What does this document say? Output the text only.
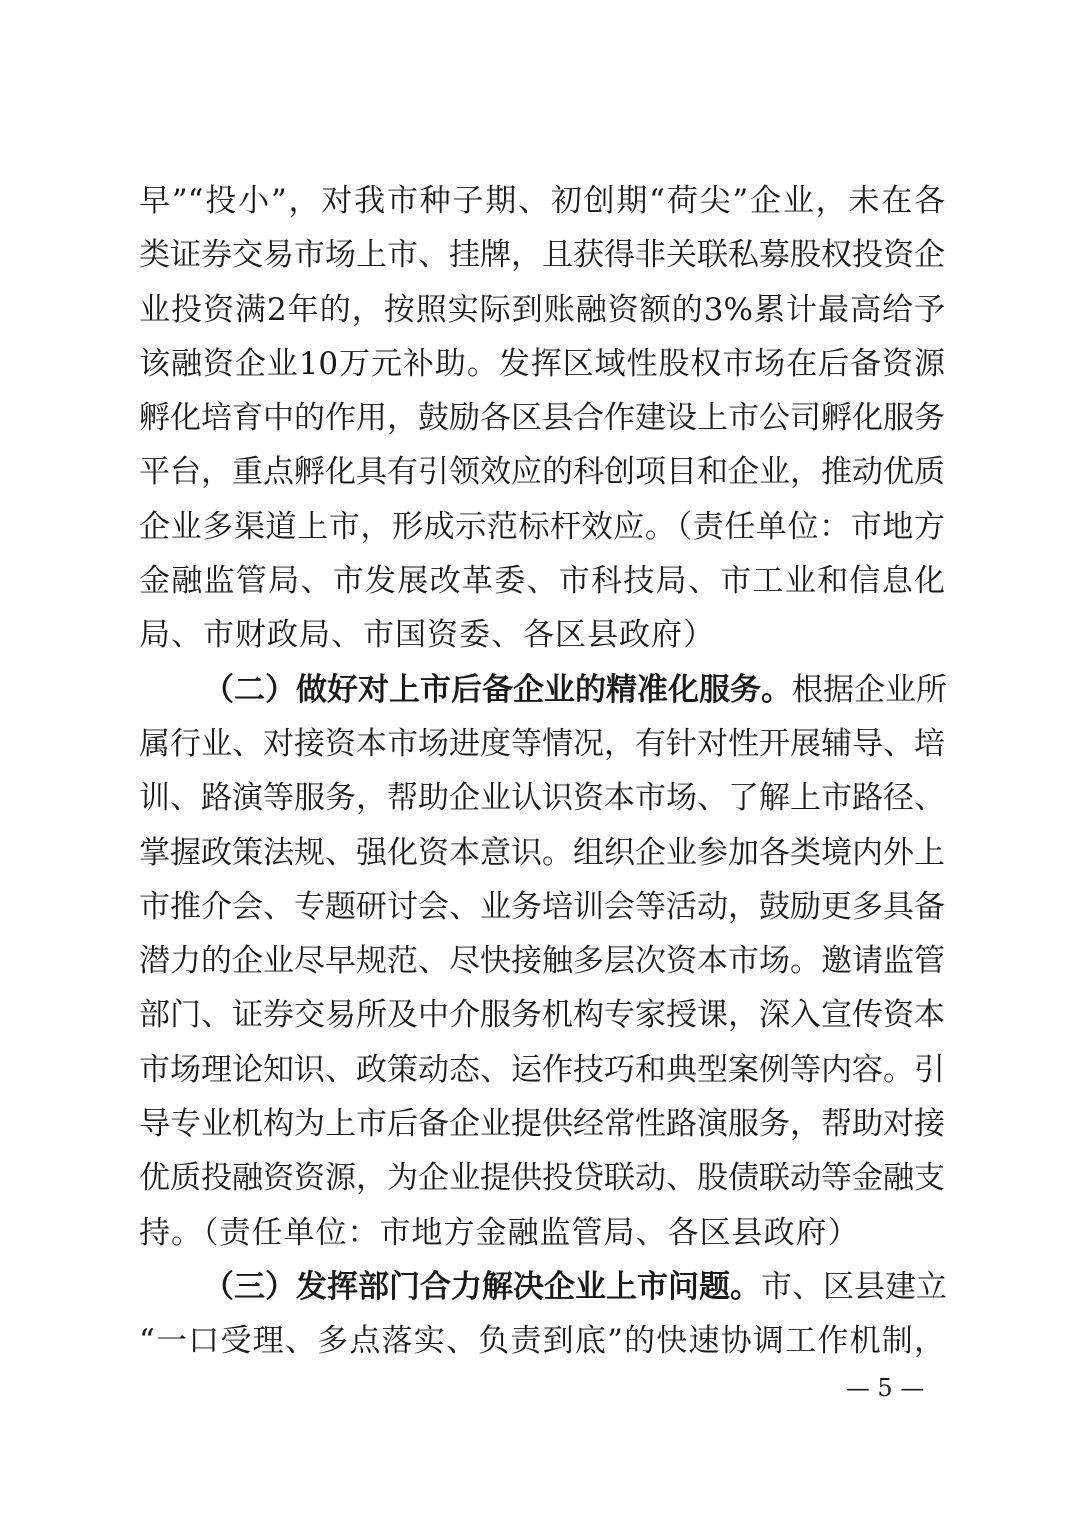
早”“投小”，对我市种子期、初创期“荷尖”企业，未在各
类证券交易市场上市、挂牌，且获得非关联私募股权投资企
业投资满2年的，按照实际到账融资额的3%累计最高给予
该融资企业10万元补助。发挥区域性股权市场在后备资源
孵化培育中的作用，鼓励各区县合作建设上市公司孵化服务
平台，重点孵化具有引领效应的科创项目和企业，推动优质
企业多渠道上市，形成示范标杆效应。（责任单位：市地方
金融监管局、市发展改革委、市科技局、市工业和信息化
局、市财政局、市国资委、各区县政府）
（二）做好对上市后备企业的精准化服务。根据企业所
属行业、对接资本市场进度等情况，有针对性开展辅导、培
训、路演等服务，帮助企业认识资本市场、了解上市路径、
掌握政策法规、强化资本意识。组织企业参加各类境内外上
市推介会、专题研讨会、业务培训会等活动，鼓励更多具备
潜力的企业尽早规范、尽快接触多层次资本市场。邀请监管
部门、证券交易所及中介服务机构专家授课，深入宣传资本
市场理论知识、政策动态、运作技巧和典型案例等内容。引
导专业机构为上市后备企业提供经常性路演服务，帮助对接
优质投融资资源，为企业提供投贷联动、股债联动等金融支
持。（责任单位：市地方金融监管局、各区县政府）
（三）发挥部门合力解决企业上市问题。市、区县建立
“一口受理、多点落实、负责到底”的快速协调工作机制，
— 5 —
